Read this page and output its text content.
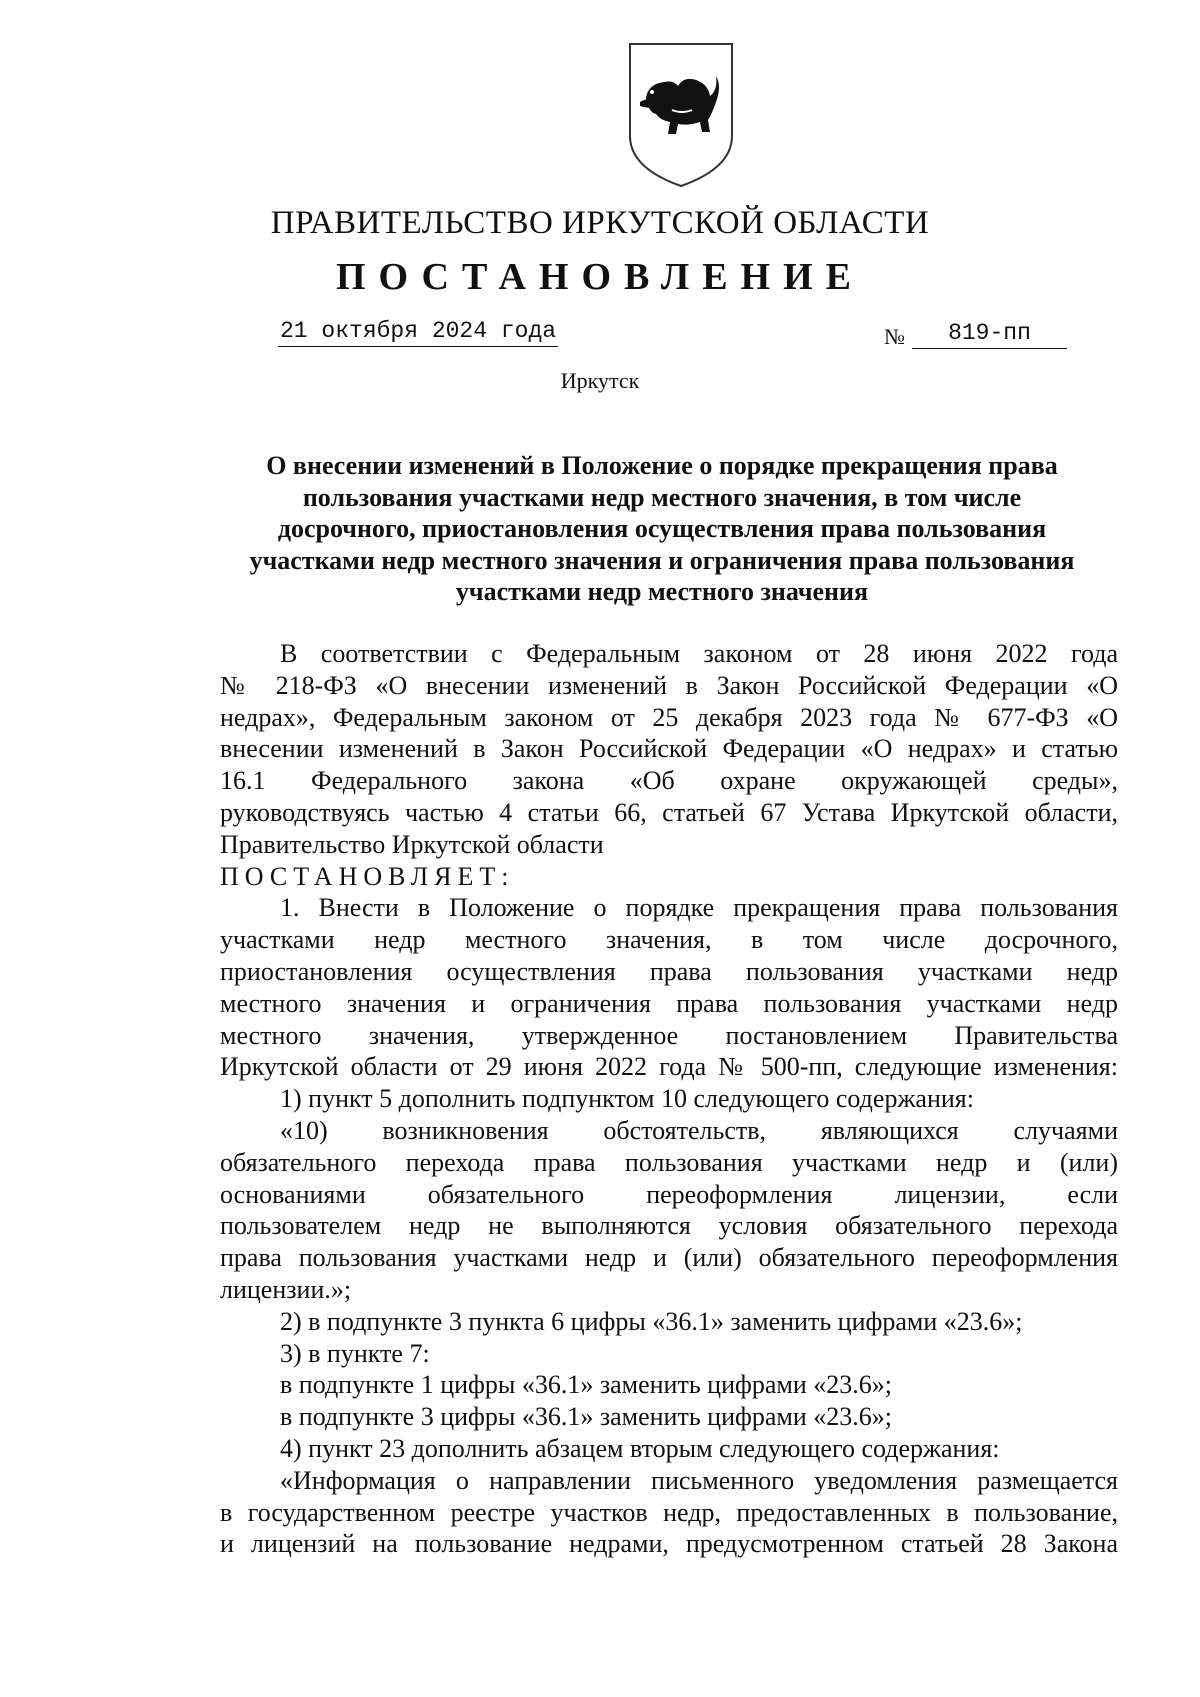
ПРАВИТЕЛЬСТВО ИРКУТСКОЙ ОБЛАСТИ
ПОСТАНОВЛЕНИЕ
21 октября 2024 года	№	819-пп
Иркутск
О внесении изменений в Положение о порядке прекращения права
пользования участками недр местного значения, в том числе
досрочного, приостановления осуществления права пользования
участками недр местного значения и ограничения права пользования
участками недр местного значения
В соответствии с Федеральным законом от 28 июня 2022 года
№ 218-ФЗ «О внесении изменений в Закон Российской Федерации «О
недрах», Федеральным законом от 25 декабря 2023 года № 677-ФЗ «О
внесении изменений в Закон Российской Федерации «О недрах» и статью
16.1 Федерального закона «Об охране окружающей среды»,
руководствуясь частью 4 статьи 66, статьей 67 Устава Иркутской области,
Правительство Иркутской области
ПОСТАНОВЛЯЕТ:
1. Внести в Положение о порядке прекращения права пользования
участками недр местного значения, в том числе досрочного,
приостановления осуществления права пользования участками недр
местного значения и ограничения права пользования участками недр
местного значения, утвержденное постановлением Правительства
Иркутской области от 29 июня 2022 года № 500-пп, следующие изменения:
1) пункт 5 дополнить подпунктом 10 следующего содержания:
«10) возникновения обстоятельств, являющихся случаями
обязательного перехода права пользования участками недр и (или)
основаниями обязательного переоформления лицензии, если
пользователем недр не выполняются условия обязательного перехода
права пользования участками недр и (или) обязательного переоформления
лицензии.»;
2) в подпункте 3 пункта 6 цифры «36.1» заменить цифрами «23.6»;
3) в пункте 7:
в подпункте 1 цифры «36.1» заменить цифрами «23.6»;
в подпункте 3 цифры «36.1» заменить цифрами «23.6»;
4) пункт 23 дополнить абзацем вторым следующего содержания:
«Информация о направлении письменного уведомления размещается
в государственном реестре участков недр, предоставленных в пользование,
и лицензий на пользование недрами, предусмотренном статьей 28 Закона
